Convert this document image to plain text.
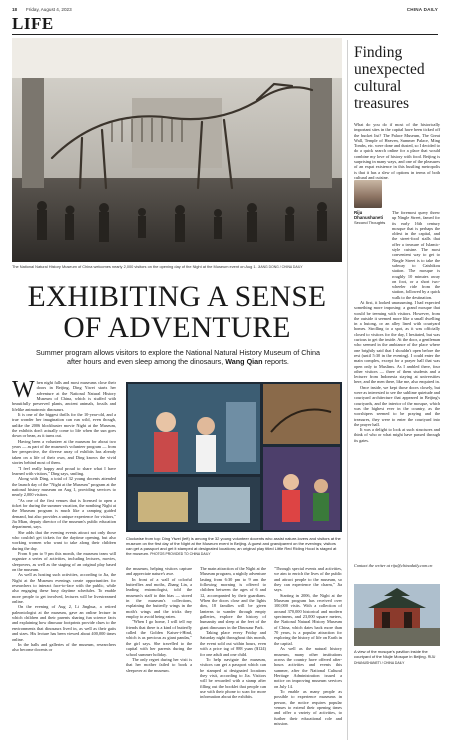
18 Friday, August 4, 2023	CHINA DAILY
LIFE
The National Natural History Museum of China welcomes nearly 2,000 visitors on the opening day of the Night at the Museum event on Aug 1. JIANG DONG / CHINA DAILY
EXHIBITING A SENSE OF ADVENTURE
Summer program allows visitors to explore the National Natural History Museum of China after hours and even sleep among the dinosaurs, Wang Qian reports.
W hen night falls and most museums close their doors in Beijing, Ding Yiwei starts her adventure at the National Natural History Museum of China, which is stuffed with beautifully preserved plants, ancient animals, fossils and lifelike animatronic dinosaurs.

It is one of the biggest thrills for the 10-year-old, and a true wonder her imagination can run wild, even though, unlike the 2006 blockbuster movie Night at the Museum, the exhibits don't actually come to life when the sun goes down or bean, as it turns out.

Having been a volunteer at the museum for about two years — as part of the museum's volunteer program — from her perspective, the diverse array of exhibits has already taken on a life of their own, and Ding knows the vivid stories behind most of them.

"I feel really happy and proud to share what I have learned with visitors," Ding says, smiling.

Along with Ding, a total of 32 young docents attended the launch day of the "Night at the Museum" program at the national history museum on Aug 1, providing services to nearly 2,000 visitors.

"As one of the first venues that is licensed to open a ticket for during the summer vacation, the nonthing Night at the Museum program is much like a camping guided demand, but also provides a unique experience for visitors," Jia Mian, deputy director of the museum's public education department, says.

She adds that the evening events attract not only those who couldn't get tickets for the daytime opening, but also working women who want to take along their children during the day.

From 6 pm to 9 pm this month, the museum team will organize a series of activities, including lectures, movies, sleepovers, as well as the staging of an original play based on the museum.

As well as hosting such activities, according to Jia, the Night at the Museum evenings create opportunities for researchers to interact face-to-face with the public, while also engaging these busy daytime schedules. To enable more people to get involved, lectures will be livestreamed online.

On the evening of Aug 2, Li Jinghua, a retired paleontologist at the museum, gave an online lecture in which children and their parents sharing fun science facts and explaining how dinosaur footprints provide clues to the environments that dinosaurs lived in, as well as their gaits and sizes. His lecture has been viewed about 400,000 times online.

In the halls and galleries of the museum, researchers also become docents or

Clockwise from top: Ding Yiwei (left) is among the 32 young volunteer docents who assist nature-lovers and visitors at the museum on the first day of the Night at the Museum event in Beijing. A guest and grandparent on the evenings; visitors can get a passport and get it stamped at designated locations; an original play titled Little Red Riding Hood is staged at the museum. PHOTOS PROVIDED TO CHINA DAILY

the museum, helping visitors capture and appreciate nature's awe.

In front of a wall of colorful butterflies and moths, Zhang Lin, a leading entomologist, told the museum's staff to thin bias — stored in the museum's collections, explaining the butterfly wings in the moth's wings and the tricks they employ to avoid being eaten.

"When I go home, I will tell my friends that there is a kind of butterfly called the Golden Kaiser-i-Hind, which is as precious as giant pandas," the girl says. She travelled to the capital with her parents during the school summer holiday.

The only regret during her visit is that her mother failed to book a sleepover at the museum.

The main attraction of the Night at the Museum program, a nightly adventure lasting from 6:30 pm to 9 am the following morning is offered to children between the ages of 6 and 12, accompanied by their guardians. When the doors close and the lights dim, 18 families will be given lanterns to wander through empty galleries, explore the history of humanity and sleep at the feet of the giant dinosaurs in the Dinosaur Park.

Taking place every Friday and Saturday night throughout this month, the event sold out within hours, even with a price tag of 888 yuan ($124) for one adult and one child.

To help navigate the museum, visitors can get a passport which can be stamped at designated locations they visit, according to Jia. Visitors will be rewarded with a stamp after filling out the booklet that people can use with their phone to scan for more information about the exhibits.

"Through special events and activities, we aim to enrich the lives of the public and attract people to the museum, so they can experience the charm," Jia says.

Starting in 2006, the Night at the Museum program has received over 100,000 visits. With a collection of around 370,000 historical and modern specimens, and 23,000 square meters, the National Natural History Museum of China, which dates back more than 70 years, is a popular attraction for exploring the history of life on Earth in the capital.

As well as the natural history museum, many other institutions across the country have offered after-hours activities and events this summer, after the National Cultural Heritage Administration issued a notice on improving museum services on July 14.

To enable as many people as possible to experience museums in person, the notice requires popular venues to extend their opening times and offer a variety of activities, to further their educational role and mission.

Finding unexpected cultural treasures
What do you do if most of the historically important sites in the capital have been ticked off the bucket list? The Palace Museum, The Great Wall, Temple of Heaven, Summer Palace, Ming Tombs, etc. were done and dusted, so I decided to do a quick search online for a place that would combine my love of history with food. Beijing is surprising in many ways, and one of the pleasures of an expat existence in this bustling metropolis is that it has a slew of options in terms of both cultural and cuisine.
Riju Dhanushaneti
Second Thoughts

The foremost query threw up Ningle Street, famed for its early 16th century mosque that is perhaps the oldest in the capital, and the street-food stalls that offer a treasure of Islamic-style cuisine. The most convenient way to get to Ningle Street is to take the subway to Caishikou station. The mosque is roughly 10 minutes away on foot, or a short two-wheeler ride from the station, followed by a quick walk to the destination.

At first, it looked unassuming. I had expected something more imposing: a grand mosque that would be teeming with visitors. However, from the outside it seemed more like a small dwelling in a hutong, or an alley lined with courtyard homes. Strolling to a spot, as it was officially closed to visitors for the day, I hesitated, but was curious to get the inside. At the door, a gentleman who seemed in the ambiance of the place where one brightly said that I shouldn't open before the rest (until 5:30 in the evening). I could enter the main complex, except for a prayer hall that was open only to Muslims. As I ambled there, four other visitors — three of them students and a lecturer from Indonesia staying at universities here, and the men there, like me, also enquired in.

Once inside, we kept those doors closely, but were as interested to see the sublime quietude and courtyard architecture that appeared in Beijing's courtyards, and the interior of the mosque, which was the highest ever in the country, as the worshipers seemed to be praying and the treasures, they were to enter the courtyard into the prayer hall.

It was a delight to look at such structures and think of who or what might have passed through its gates.

Contact the writer at riju@chinadaily.com.cn
A view of the mosque's pavilion inside the courtyard of the Niujie Mosque in Beijing. RIJU DHANUSHANETI / CHINA DAILY
